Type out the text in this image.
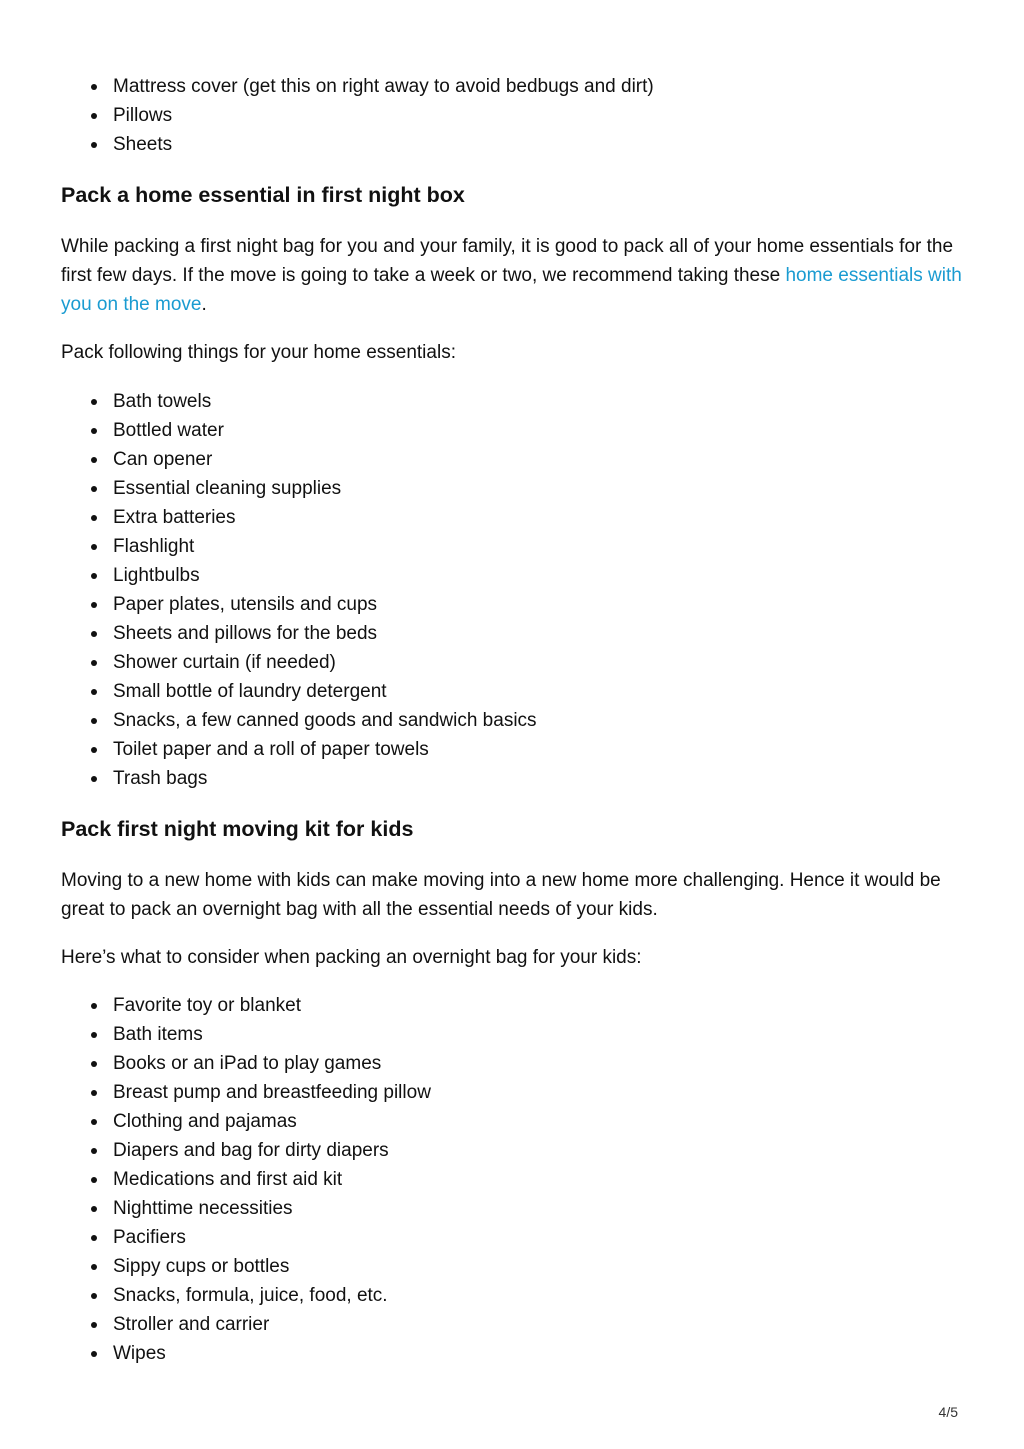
Mattress cover (get this on right away to avoid bedbugs and dirt)
Pillows
Sheets
Pack a home essential in first night box

While packing a first night bag for you and your family, it is good to pack all of your home essentials for the first few days. If the move is going to take a week or two, we recommend taking these home essentials with you on the move.

Pack following things for your home essentials:

Bath towels
Bottled water
Can opener
Essential cleaning supplies
Extra batteries
Flashlight
Lightbulbs
Paper plates, utensils and cups
Sheets and pillows for the beds
Shower curtain (if needed)
Small bottle of laundry detergent
Snacks, a few canned goods and sandwich basics
Toilet paper and a roll of paper towels
Trash bags
Pack first night moving kit for kids

Moving to a new home with kids can make moving into a new home more challenging. Hence it would be great to pack an overnight bag with all the essential needs of your kids.

Here’s what to consider when packing an overnight bag for your kids:

Favorite toy or blanket
Bath items
Books or an iPad to play games
Breast pump and breastfeeding pillow
Clothing and pajamas
Diapers and bag for dirty diapers
Medications and first aid kit
Nighttime necessities
Pacifiers
Sippy cups or bottles
Snacks, formula, juice, food, etc.
Stroller and carrier
Wipes
4/5
